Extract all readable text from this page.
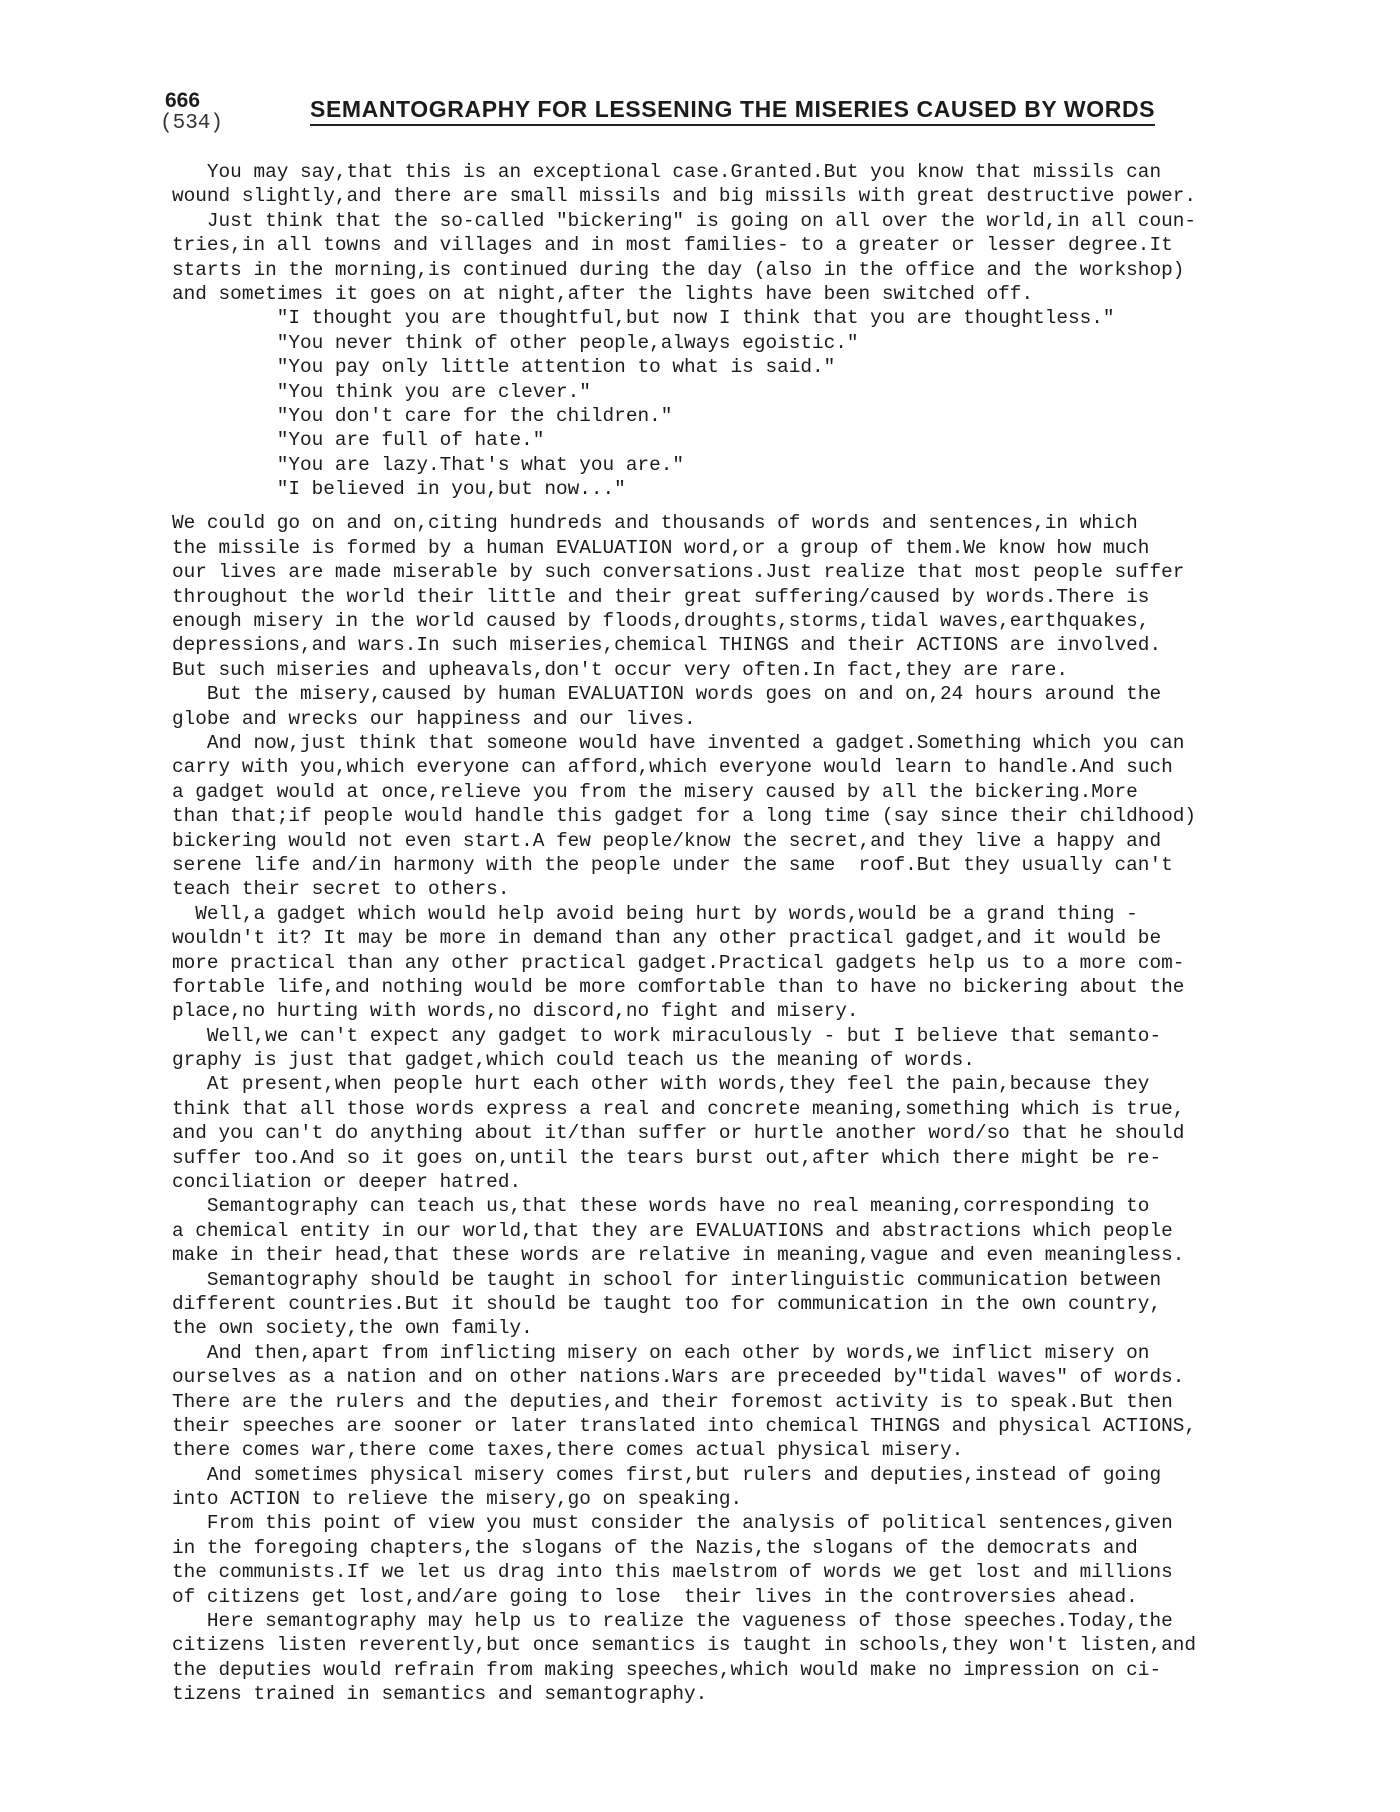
666
(534)
SEMANTOGRAPHY FOR LESSENING THE MISERIES CAUSED BY WORDS
You may say,that this is an exceptional case.Granted.But you know that missils can
wound slightly,and there are small missils and big missils with great destructive power.
Just think that the so-called "bickering" is going on all over the world,in all coun-
tries,in all towns and villages and in most families- to a greater or lesser degree.It
starts in the morning,is continued during the day (also in the office and the workshop)
and sometimes it goes on at night,after the lights have been switched off.
"I thought you are thoughtful,but now I think that you are thoughtless."
"You never think of other people,always egoistic."
"You pay only little attention to what is said."
"You think you are clever."
"You don't care for the children."
"You are full of hate."
"You are lazy.That's what you are."
"I believed in you,but now..."
We could go on and on,citing hundreds and thousands of words and sentences,in which
the missile is formed by a human EVALUATION word,or a group of them.We know how much
our lives are made miserable by such conversations.Just realize that most people suffer
throughout the world their little and their great suffering/caused by words.There is
enough misery in the world caused by floods,droughts,storms,tidal waves,earthquakes,
depressions,and wars.In such miseries,chemical THINGS and their ACTIONS are involved.
But such miseries and upheavals,don't occur very often.In fact,they are rare.
But the misery,caused by human EVALUATION words goes on and on,24 hours around the
globe and wrecks our happiness and our lives.
And now,just think that someone would have invented a gadget.Something which you can
carry with you,which everyone can afford,which everyone would learn to handle.And such
a gadget would at once,relieve you from the misery caused by all the bickering.More
than that;if people would handle this gadget for a long time (say since their childhood)
bickering would not even start.A few people/know the secret,and they live a happy and
serene life and/in harmony with the people under the same  roof.But they usually can't
teach their secret to others.
Well,a gadget which would help avoid being hurt by words,would be a grand thing -
wouldn't it? It may be more in demand than any other practical gadget,and it would be
more practical than any other practical gadget.Practical gadgets help us to a more com-
fortable life,and nothing would be more comfortable than to have no bickering about the
place,no hurting with words,no discord,no fight and misery.
Well,we can't expect any gadget to work miraculously - but I believe that semanto-
graphy is just that gadget,which could teach us the meaning of words.
At present,when people hurt each other with words,they feel the pain,because they
think that all those words express a real and concrete meaning,something which is true,
and you can't do anything about it/than suffer or hurtle another word/so that he should
suffer too.And so it goes on,until the tears burst out,after which there might be re-
conciliation or deeper hatred.
Semantography can teach us,that these words have no real meaning,corresponding to
a chemical entity in our world,that they are EVALUATIONS and abstractions which people
make in their head,that these words are relative in meaning,vague and even meaningless.
Semantography should be taught in school for interlinguistic communication between
different countries.But it should be taught too for communication in the own country,
the own society,the own family.
And then,apart from inflicting misery on each other by words,we inflict misery on
ourselves as a nation and on other nations.Wars are preceeded by"tidal waves" of words.
There are the rulers and the deputies,and their foremost activity is to speak.But then
their speeches are sooner or later translated into chemical THINGS and physical ACTIONS,
there comes war,there come taxes,there comes actual physical misery.
And sometimes physical misery comes first,but rulers and deputies,instead of going
into ACTION to relieve the misery,go on speaking.
From this point of view you must consider the analysis of political sentences,given
in the foregoing chapters,the slogans of the Nazis,the slogans of the democrats and
the communists.If we let us drag into this maelstrom of words we get lost and millions
of citizens get lost,and/are going to lose  their lives in the controversies ahead.
Here semantography may help us to realize the vagueness of those speeches.Today,the
citizens listen reverently,but once semantics is taught in schools,they won't listen,and
the deputies would refrain from making speeches,which would make no impression on ci-
tizens trained in semantics and semantography.
